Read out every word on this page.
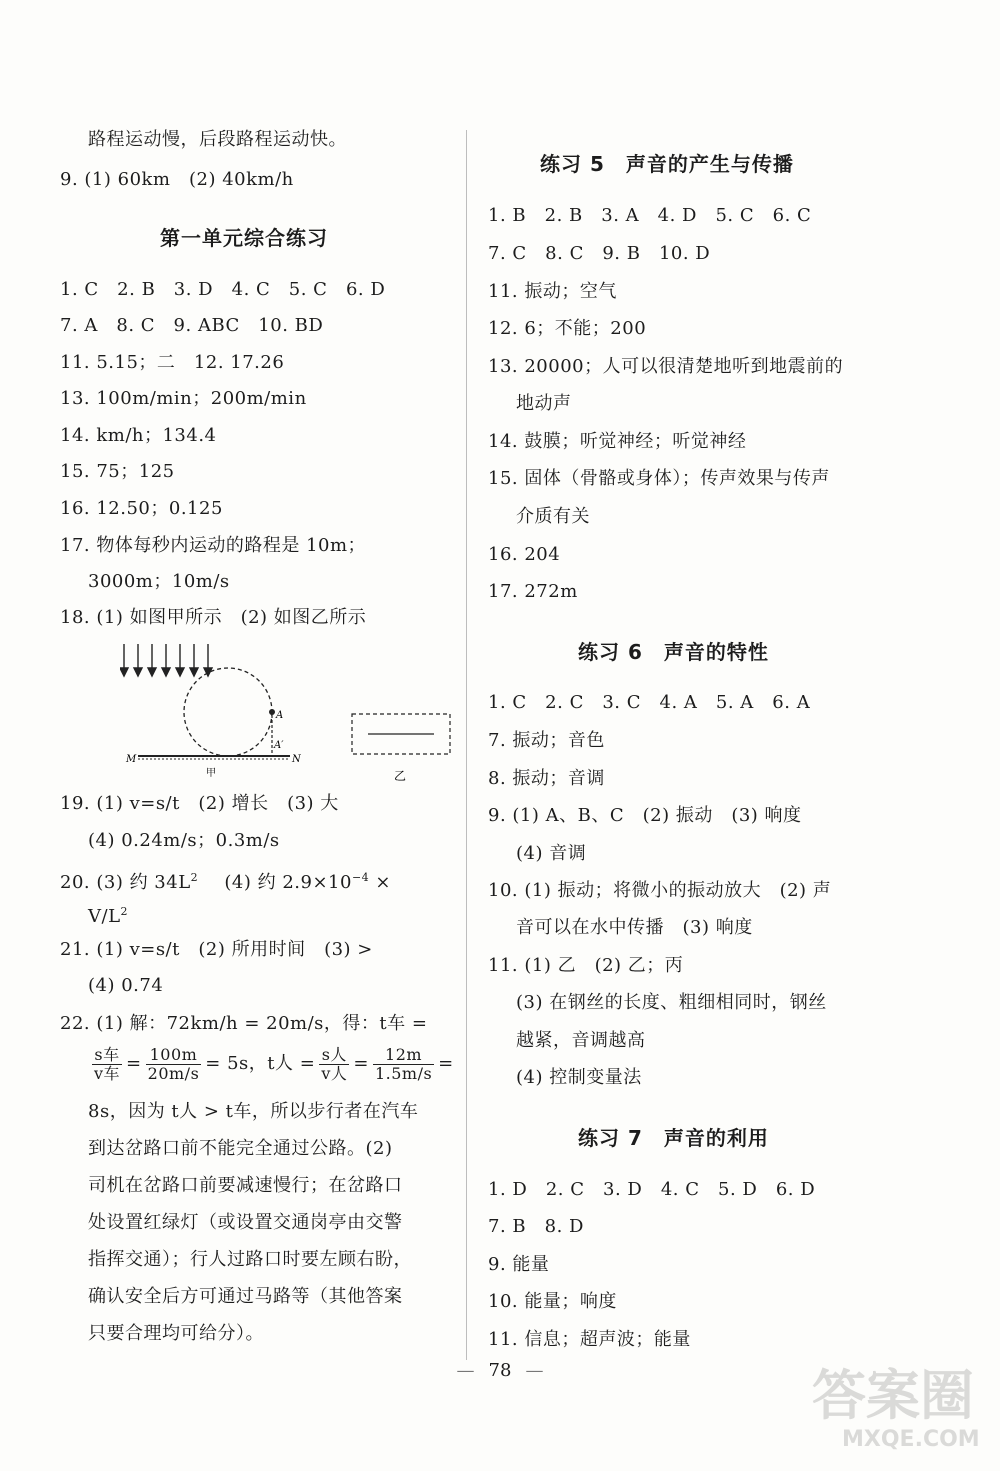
路程运动慢，后段路程运动快。
9. (1) 60km　(2) 40km/h
第一单元综合练习
1. C　2. B　3. D　4. C　5. C　6. D
7. A　8. C　9. ABC　10. BD
11. 5.15；二　12. 17.26
13. 100m/min；200m/min
14. km/h；134.4
15. 75；125
16. 12.50；0.125
17. 物体每秒内运动的路程是 10m；
3000m；10m/s
18. (1) 如图甲所示　(2) 如图乙所示
A
A′
M	N
甲	乙
19. (1) v=s/t　(2) 增长　(3) 大
(4) 0.24m/s；0.3m/s
20. (3) 约 $34L^2$ (4) 约 $2.9\times 10^{-4}$ ×
$V/L^2$
21. (1) v=s/t　(2) 所用时间　(3) >
(4) 0.74
22. (1) 解：72km/h = 20m/s，得：t车 =
$\frac{\text{s车}}{\text{v车}} = \frac{100m}{20m/s} = 5s$，t人 = $\frac{\text{s人}}{\text{v人}} = \frac{12m}{1.5m/s}$ =
8s，因为 t人 > t车，所以步行者在汽车
到达岔路口前不能完全通过公路。(2)
司机在岔路口前要减速慢行；在岔路口
处设置红绿灯（或设置交通岗亭由交警
指挥交通）；行人过路口时要左顾右盼，
确认安全后方可通过马路等（其他答案
只要合理均可给分）。
练习 5　声音的产生与传播
1. B　2. B　3. A　4. D　5. C　6. C
7. C　8. C　9. B　10. D
11. 振动；空气
12. 6；不能；200
13. 20000；人可以很清楚地听到地震前的
地动声
14. 鼓膜；听觉神经；听觉神经
15. 固体（骨骼或身体）；传声效果与传声
介质有关
16. 204
17. 272m
练习 6　声音的特性
1. C　2. C　3. C　4. A　5. A　6. A
7. 振动；音色
8. 振动；音调
9. (1) A、B、C　(2) 振动　(3) 响度
(4) 音调
10. (1) 振动；将微小的振动放大　(2) 声
音可以在水中传播　(3) 响度
11. (1) 乙　(2) 乙；丙
(3) 在钢丝的长度、粗细相同时，钢丝
越紧，音调越高
(4) 控制变量法
练习 7　声音的利用
1. D　2. C　3. D　4. C　5. D　6. D
7. B　8. D
9. 能量
10. 能量；响度
11. 信息；超声波；能量
— 78 —	答案圈
MXQE.COM
